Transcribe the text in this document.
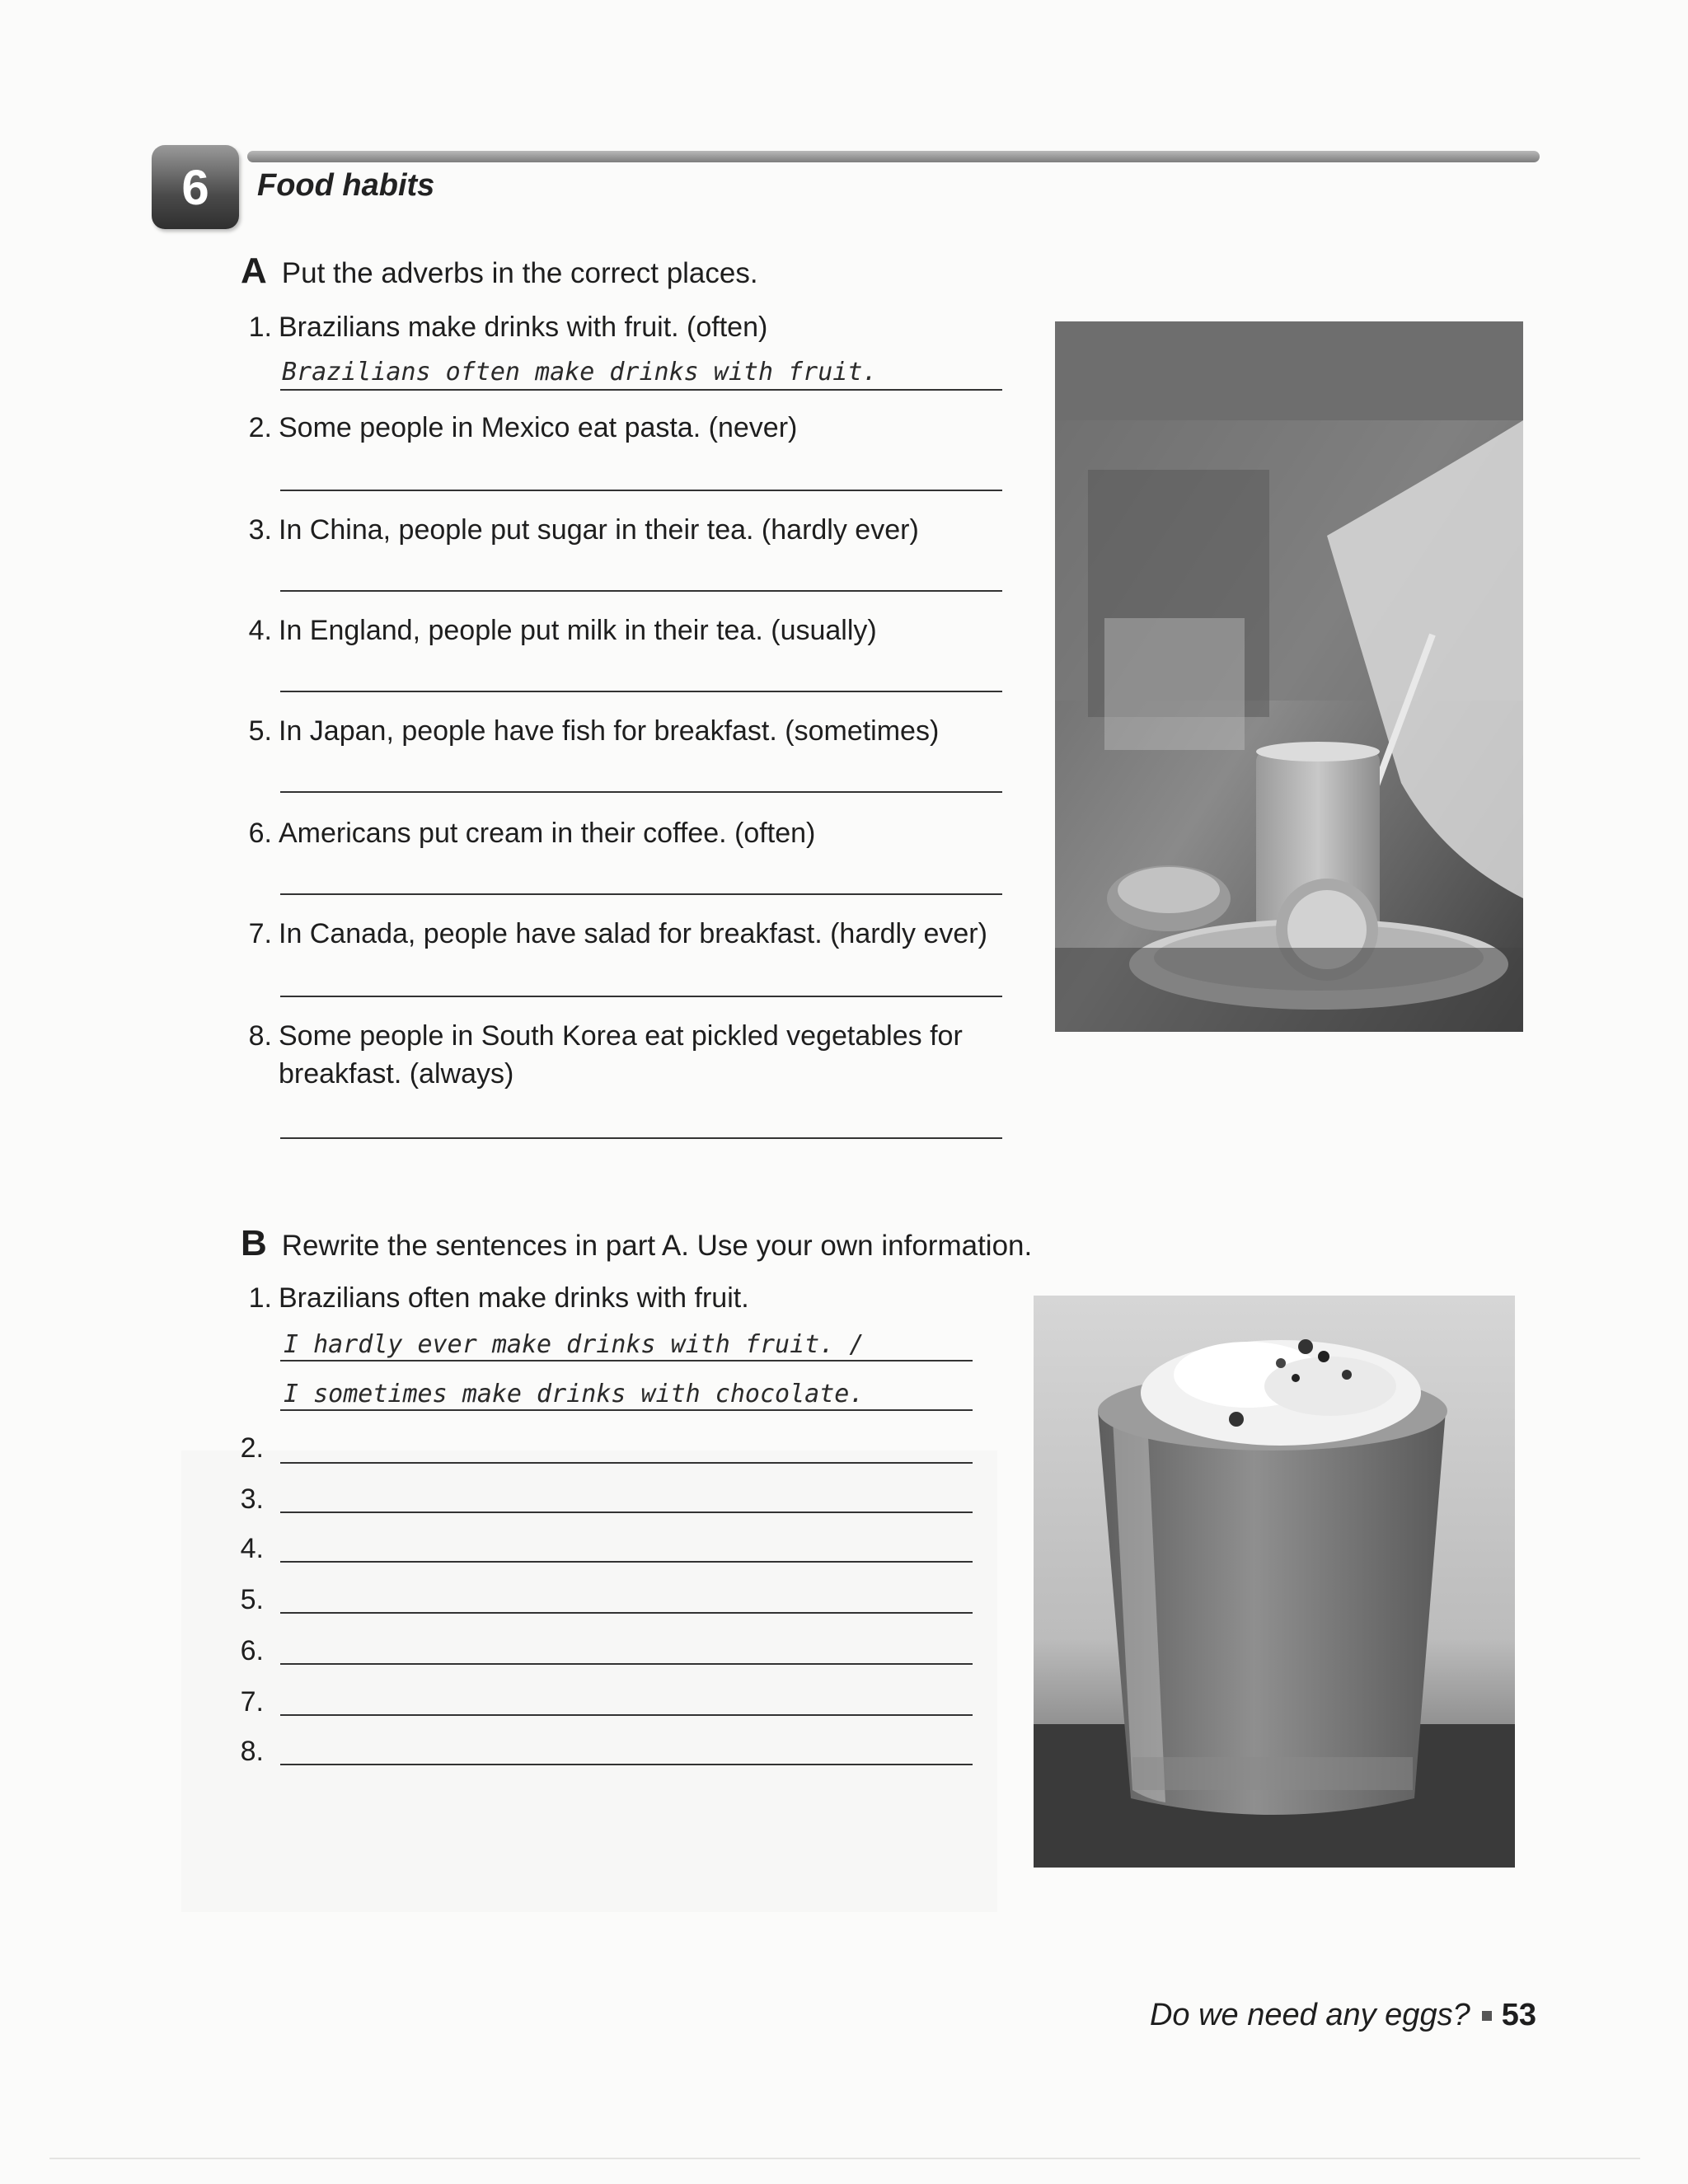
6	Food habits
A Put the adverbs in the correct places.
1. Brazilians make drinks with fruit. (often)
Brazilians often make drinks with fruit.
2. Some people in Mexico eat pasta. (never)
3. In China, people put sugar in their tea. (hardly ever)
4. In England, people put milk in their tea. (usually)
5. In Japan, people have fish for breakfast. (sometimes)
6. Americans put cream in their coffee. (often)
7. In Canada, people have salad for breakfast. (hardly ever)
8. Some people in South Korea eat pickled vegetables for breakfast. (always)
B Rewrite the sentences in part A. Use your own information.
1. Brazilians often make drinks with fruit.
I hardly ever make drinks with fruit. /
I sometimes make drinks with chocolate.
2.
3.
4.
5.
6.
7.
8.
Do we need any eggs? 53
